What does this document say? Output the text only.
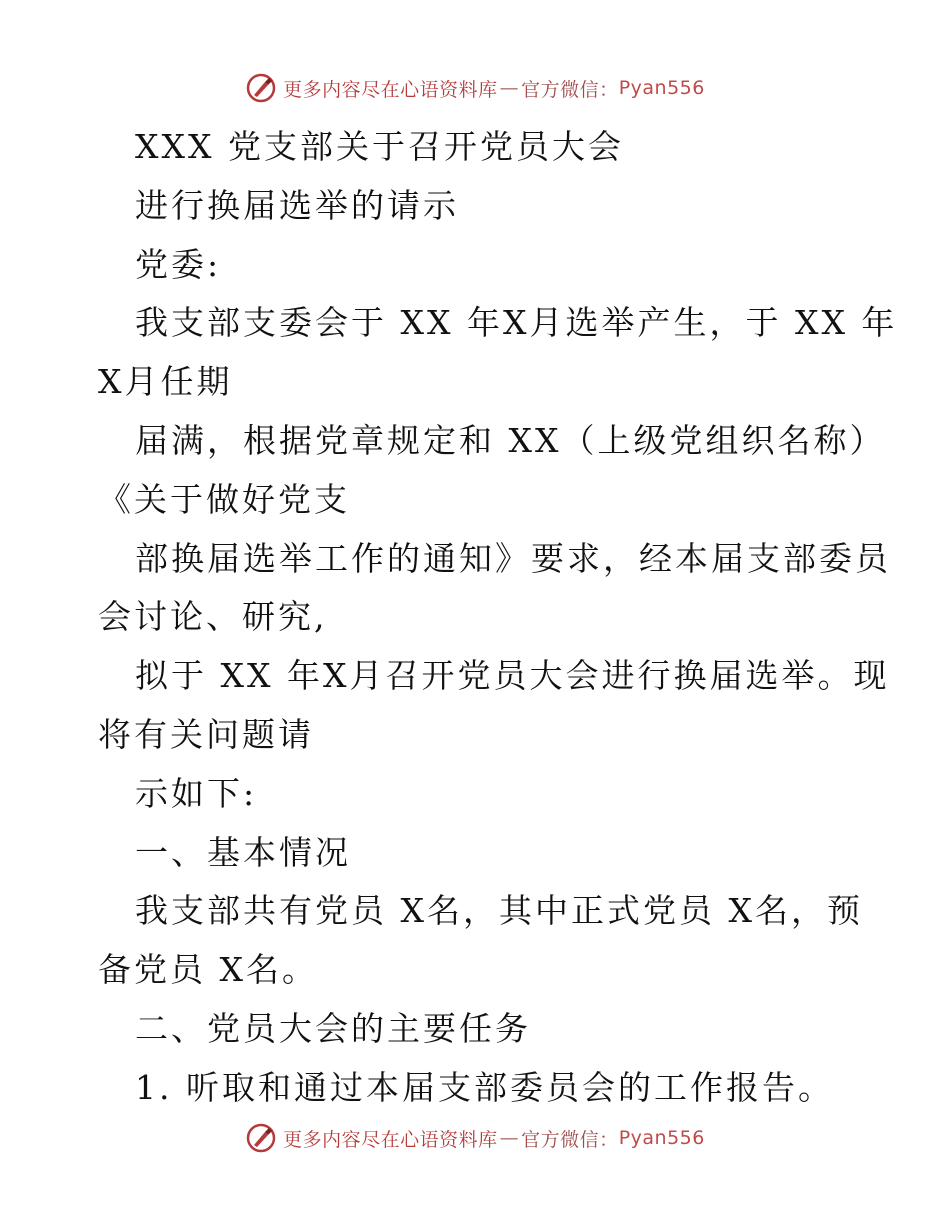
更多内容尽在心语资料库 — 官方微信： Pyan556
XXX 党支部关于召开党员大会
进行换届选举的请示
党委:
我支部支委会于 XX 年X月选举产生，于 XX 年
X月任期
届满，根据党章规定和 XX（上级党组织名称）
《关于做好党支
部换届选举工作的通知》要求，经本届支部委员
会讨论、研究,
拟于 XX 年X月召开党员大会进行换届选举。现
将有关问题请
示如下:
一、基本情况
我支部共有党员 X名，其中正式党员 X名，预
备党员 X名。
二、党员大会的主要任务
1. 听取和通过本届支部委员会的工作报告。
更多内容尽在心语资料库 — 官方微信： Pyan556
